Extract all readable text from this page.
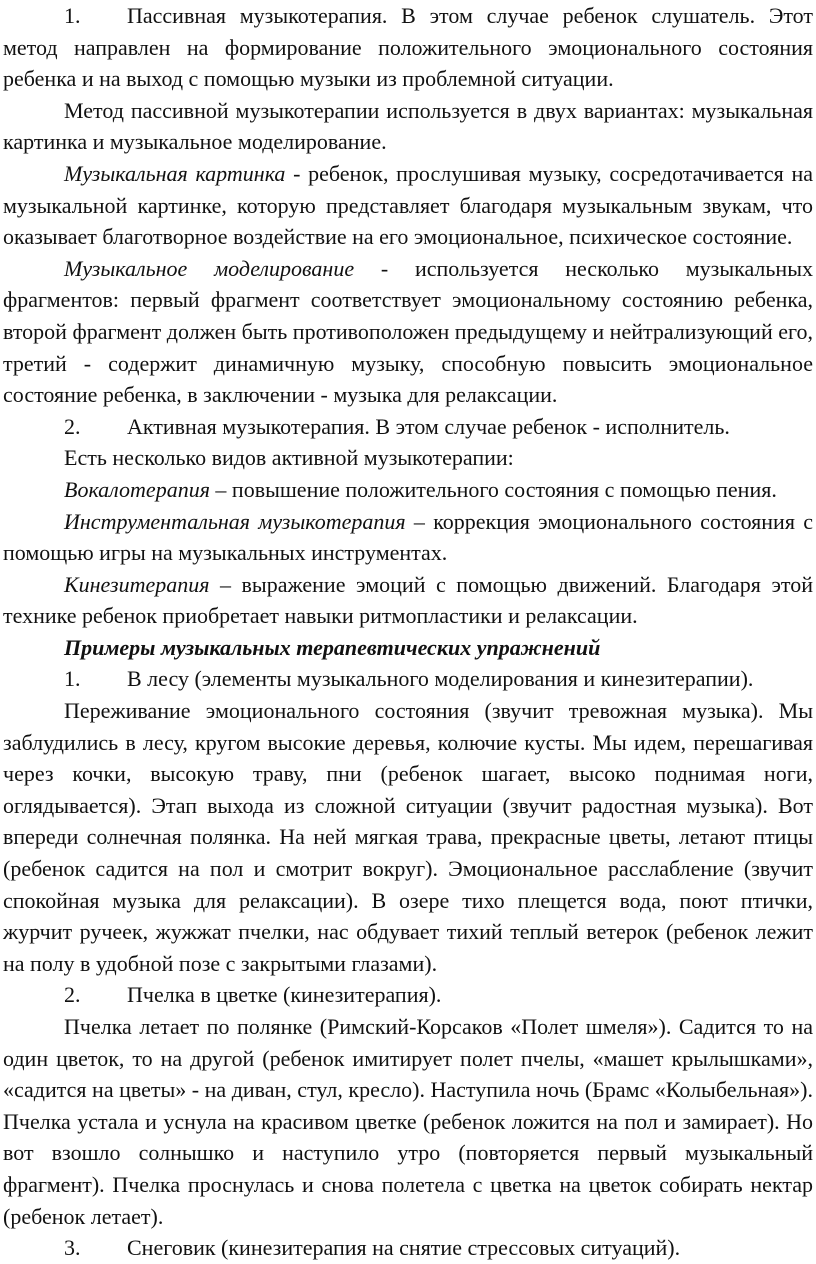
1. Пассивная музыкотерапия. В этом случае ребенок слушатель. Этот метод направлен на формирование положительного эмоционального состояния ребенка и на выход с помощью музыки из проблемной ситуации.

Метод пассивной музыкотерапии используется в двух вариантах: музыкальная картинка и музыкальное моделирование.

Музыкальная картинка - ребенок, прослушивая музыку, сосредотачивается на музыкальной картинке, которую представляет благодаря музыкальным звукам, что оказывает благотворное воздействие на его эмоциональное, психическое состояние.

Музыкальное моделирование - используется несколько музыкальных фрагментов: первый фрагмент соответствует эмоциональному состоянию ребенка, второй фрагмент должен быть противоположен предыдущему и нейтрализующий его, третий - содержит динамичную музыку, способную повысить эмоциональное состояние ребенка, в заключении - музыка для релаксации.

2. Активная музыкотерапия. В этом случае ребенок - исполнитель.

Есть несколько видов активной музыкотерапии:

Вокалотерапия – повышение положительного состояния с помощью пения.

Инструментальная музыкотерапия – коррекция эмоционального состояния с помощью игры на музыкальных инструментах.

Кинезитерапия – выражение эмоций с помощью движений. Благодаря этой технике ребенок приобретает навыки ритмопластики и релаксации.

Примеры музыкальных терапевтических упражнений

1. В лесу (элементы музыкального моделирования и кинезитерапии).

Переживание эмоционального состояния (звучит тревожная музыка). Мы заблудились в лесу, кругом высокие деревья, колючие кусты. Мы идем, перешагивая через кочки, высокую траву, пни (ребенок шагает, высоко поднимая ноги, оглядывается). Этап выхода из сложной ситуации (звучит радостная музыка). Вот впереди солнечная полянка. На ней мягкая трава, прекрасные цветы, летают птицы (ребенок садится на пол и смотрит вокруг). Эмоциональное расслабление (звучит спокойная музыка для релаксации). В озере тихо плещется вода, поют птички, журчит ручеек, жужжат пчелки, нас обдувает тихий теплый ветерок (ребенок лежит на полу в удобной позе с закрытыми глазами).

2. Пчелка в цветке (кинезитерапия).

Пчелка летает по полянке (Римский-Корсаков «Полет шмеля»). Садится то на один цветок, то на другой (ребенок имитирует полет пчелы, «машет крылышками», «садится на цветы» - на диван, стул, кресло). Наступила ночь (Брамс «Колыбельная»). Пчелка устала и уснула на красивом цветке (ребенок ложится на пол и замирает). Но вот взошло солнышко и наступило утро (повторяется первый музыкальный фрагмент). Пчелка проснулась и снова полетела с цветка на цветок собирать нектар (ребенок летает).

3. Снеговик (кинезитерапия на снятие стрессовых ситуаций).
